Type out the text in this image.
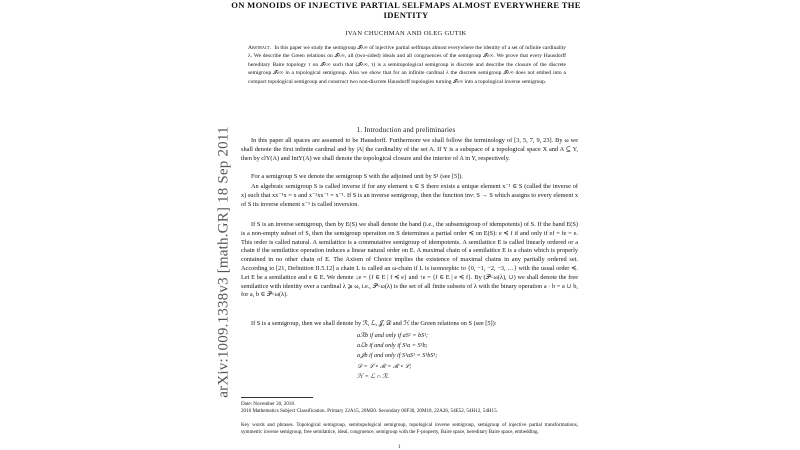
arXiv:1009.1338v3 [math.GR] 18 Sep 2011
ON MONOIDS OF INJECTIVE PARTIAL SELFMAPS ALMOST EVERYWHERE THE IDENTITY
IVAN CHUCHMAN AND OLEG GUTIK
Abstract. In this paper we study the semigroup 𝓘λ∞ of injective partial selfmaps almost everywhere the identity of a set of infinite cardinality λ. We describe the Green relations on 𝓘λ∞, all (two-sided) ideals and all congruences of the semigroup 𝓘λ∞. We prove that every Hausdorff hereditary Baire topology τ on 𝓘λ∞ such that (𝓘λ∞, τ) is a semitopological semigroup is discrete and describe the closure of the discrete semigroup 𝓘λ∞ in a topological semigroup. Also we show that for an infinite cardinal λ the discrete semigroup 𝓘λ∞ does not embed into a compact topological semigroup and construct two non-discrete Hausdorff topologies turning 𝓘λ∞ into a topological inverse semigroup.
1. Introduction and preliminaries

In this paper all spaces are assumed to be Hausdorff. Furthermore we shall follow the terminology of [3, 5, 7, 9, 23]. By ω we shall denote the first infinite cardinal and by |A| the cardinality of the set A. If Y is a subspace of a topological space X and A ⊆ Y, then by clY(A) and IntY(A) we shall denote the topological closure and the interior of A in Y, respectively.

For a semigroup S we denote the semigroup S with the adjoined unit by S¹ (see [5]).

An algebraic semigroup S is called inverse if for any element x ∈ S there exists a unique element x⁻¹ ∈ S (called the inverse of x) such that xx⁻¹x = x and x⁻¹xx⁻¹ = x⁻¹. If S is an inverse semigroup, then the function inv: S → S which assigns to every element x of S its inverse element x⁻¹ is called inversion.

If S is an inverse semigroup, then by E(S) we shall denote the band (i.e., the subsemigroup of idempotents) of S. If the band E(S) is a non-empty subset of S, then the semigroup operation on S determines a partial order ≼ on E(S): e ≼ f if and only if ef = fe = e. This order is called natural. A semilattice is a commutative semigroup of idempotents. A semilattice E is called linearly ordered or a chain if the semilattice operation induces a linear natural order on E. A maximal chain of a semilattice E is a chain which is properly contained in no other chain of E. The Axiom of Choice implies the existence of maximal chains in any partially ordered set. According to [21, Definition II.5.12] a chain L is called an ω-chain if L is isomorphic to {0, −1, −2, −3, …} with the usual order ≼. Let E be a semilattice and e ∈ E. We denote ↓e = {f ∈ E | f ≼ e} and ↑e = {f ∈ E | e ≼ f}. By (𝒫<ω(λ), ∪) we shall denote the free semilattice with identity over a cardinal λ ⩾ ω, i.e., 𝒫<ω(λ) is the set of all finite subsets of λ with the binary operation a · b = a ∪ b, for a, b ∈ 𝒫<ω(λ).

If S is a semigroup, then we shall denote by ℛ, ℒ, 𝒥, 𝒟 and ℋ the Green relations on S (see [5]):

aℛb if and only if aS¹ = bS¹;
aℒb if and only if S¹a = S¹b;
a𝒥b if and only if S¹aS¹ = S¹bS¹;
𝒟 = ℒ ∘ ℛ = ℛ ∘ ℒ;
ℋ = ℒ ∩ ℛ.

Date: November 20, 2018.

2010 Mathematics Subject Classification. Primary 22A15, 20M20. Secondary 06F30, 20M18, 22A26, 54E52, 54H12, 54H15.

Key words and phrases. Topological semigroup, semitopological semigroup, topological inverse semigroup, semigroup of injective partial transformations, symmetric inverse semigroup, free semilattice, ideal, congruence, semigroup with the F-property, Baire space, hereditary Baire space, embedding.

1
